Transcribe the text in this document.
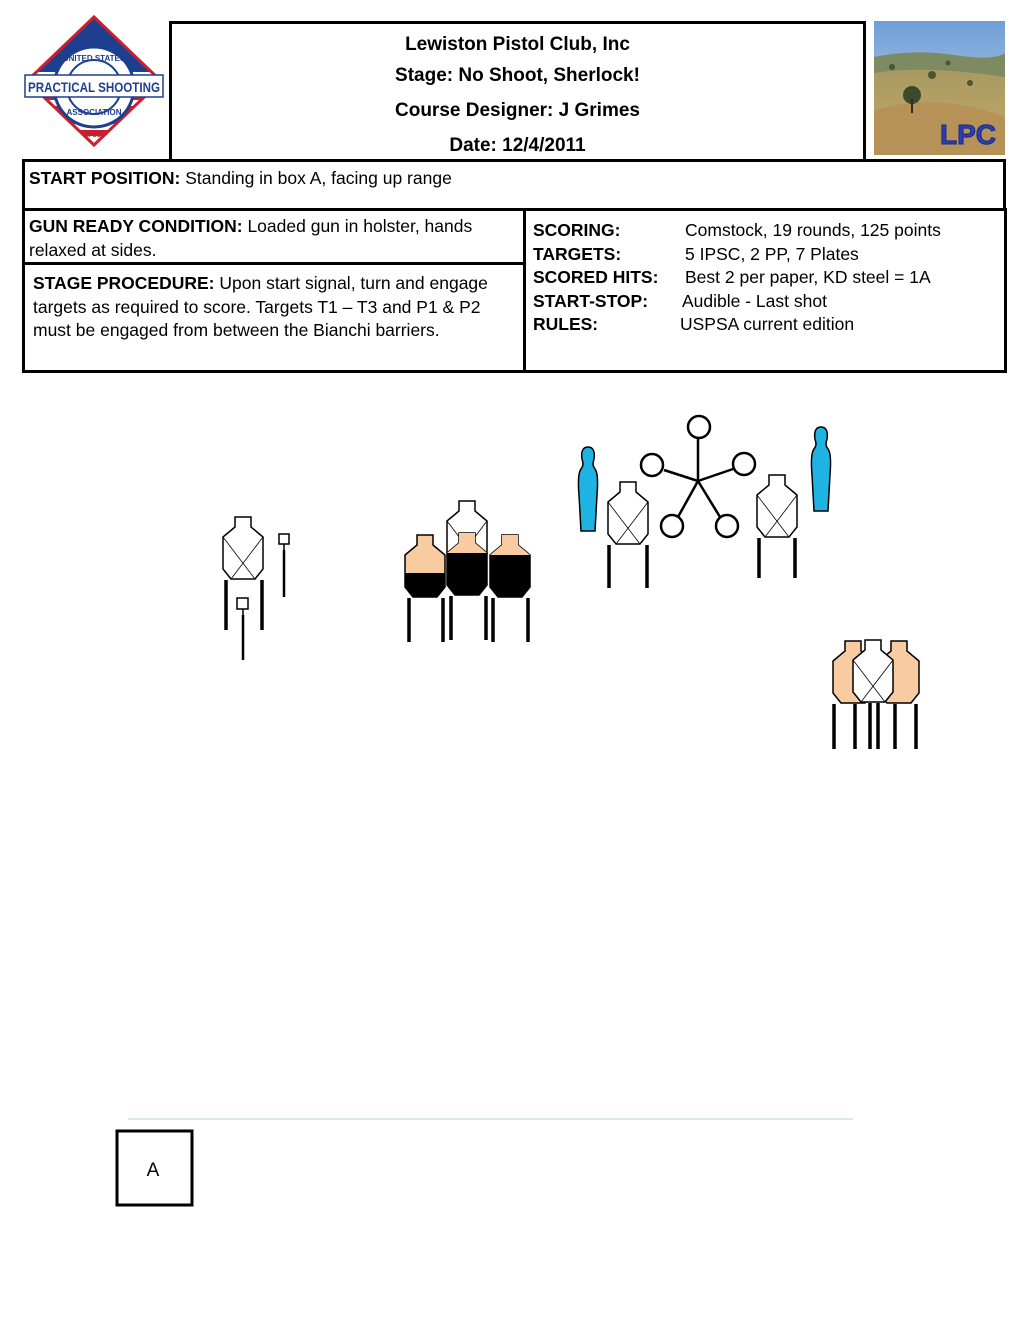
UNITED STATES
PRACTICAL SHOOTING
ASSOCIATION
IPSC
Lewiston Pistol Club, Inc
Stage: No Shoot, Sherlock!
Course Designer: J Grimes
Date: 12/4/2011	LPC
START POSITION: Standing in box A, facing up range
GUN READY CONDITION: Loaded gun in holster, hands relaxed at sides.
STAGE PROCEDURE: Upon start signal, turn and engage targets as required to score. Targets T1 – T3 and P1 & P2 must be engaged from between the Bianchi barriers.
SCORING:	Comstock, 19 rounds, 125 points
TARGETS:	5 IPSC, 2 PP, 7 Plates
SCORED HITS: Best 2 per paper, KD steel = 1A
START-STOP: Audible - Last shot
RULES:	USPSA current edition
A
